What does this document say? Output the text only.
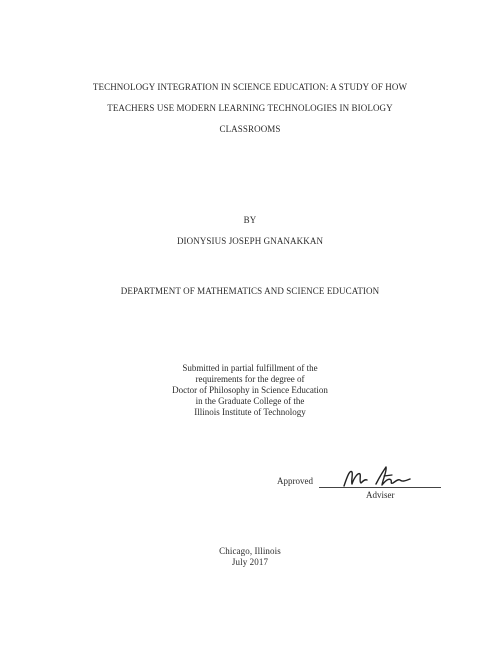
TECHNOLOGY INTEGRATION IN SCIENCE EDUCATION: A STUDY OF HOW
TEACHERS USE MODERN LEARNING TECHNOLOGIES IN BIOLOGY
CLASSROOMS
BY
DIONYSIUS JOSEPH GNANAKKAN
DEPARTMENT OF MATHEMATICS AND SCIENCE EDUCATION
Submitted in partial fulfillment of the
requirements for the degree of
Doctor of Philosophy in Science Education
in the Graduate College of the
Illinois Institute of Technology
Approved
Adviser
Chicago, Illinois
July 2017
